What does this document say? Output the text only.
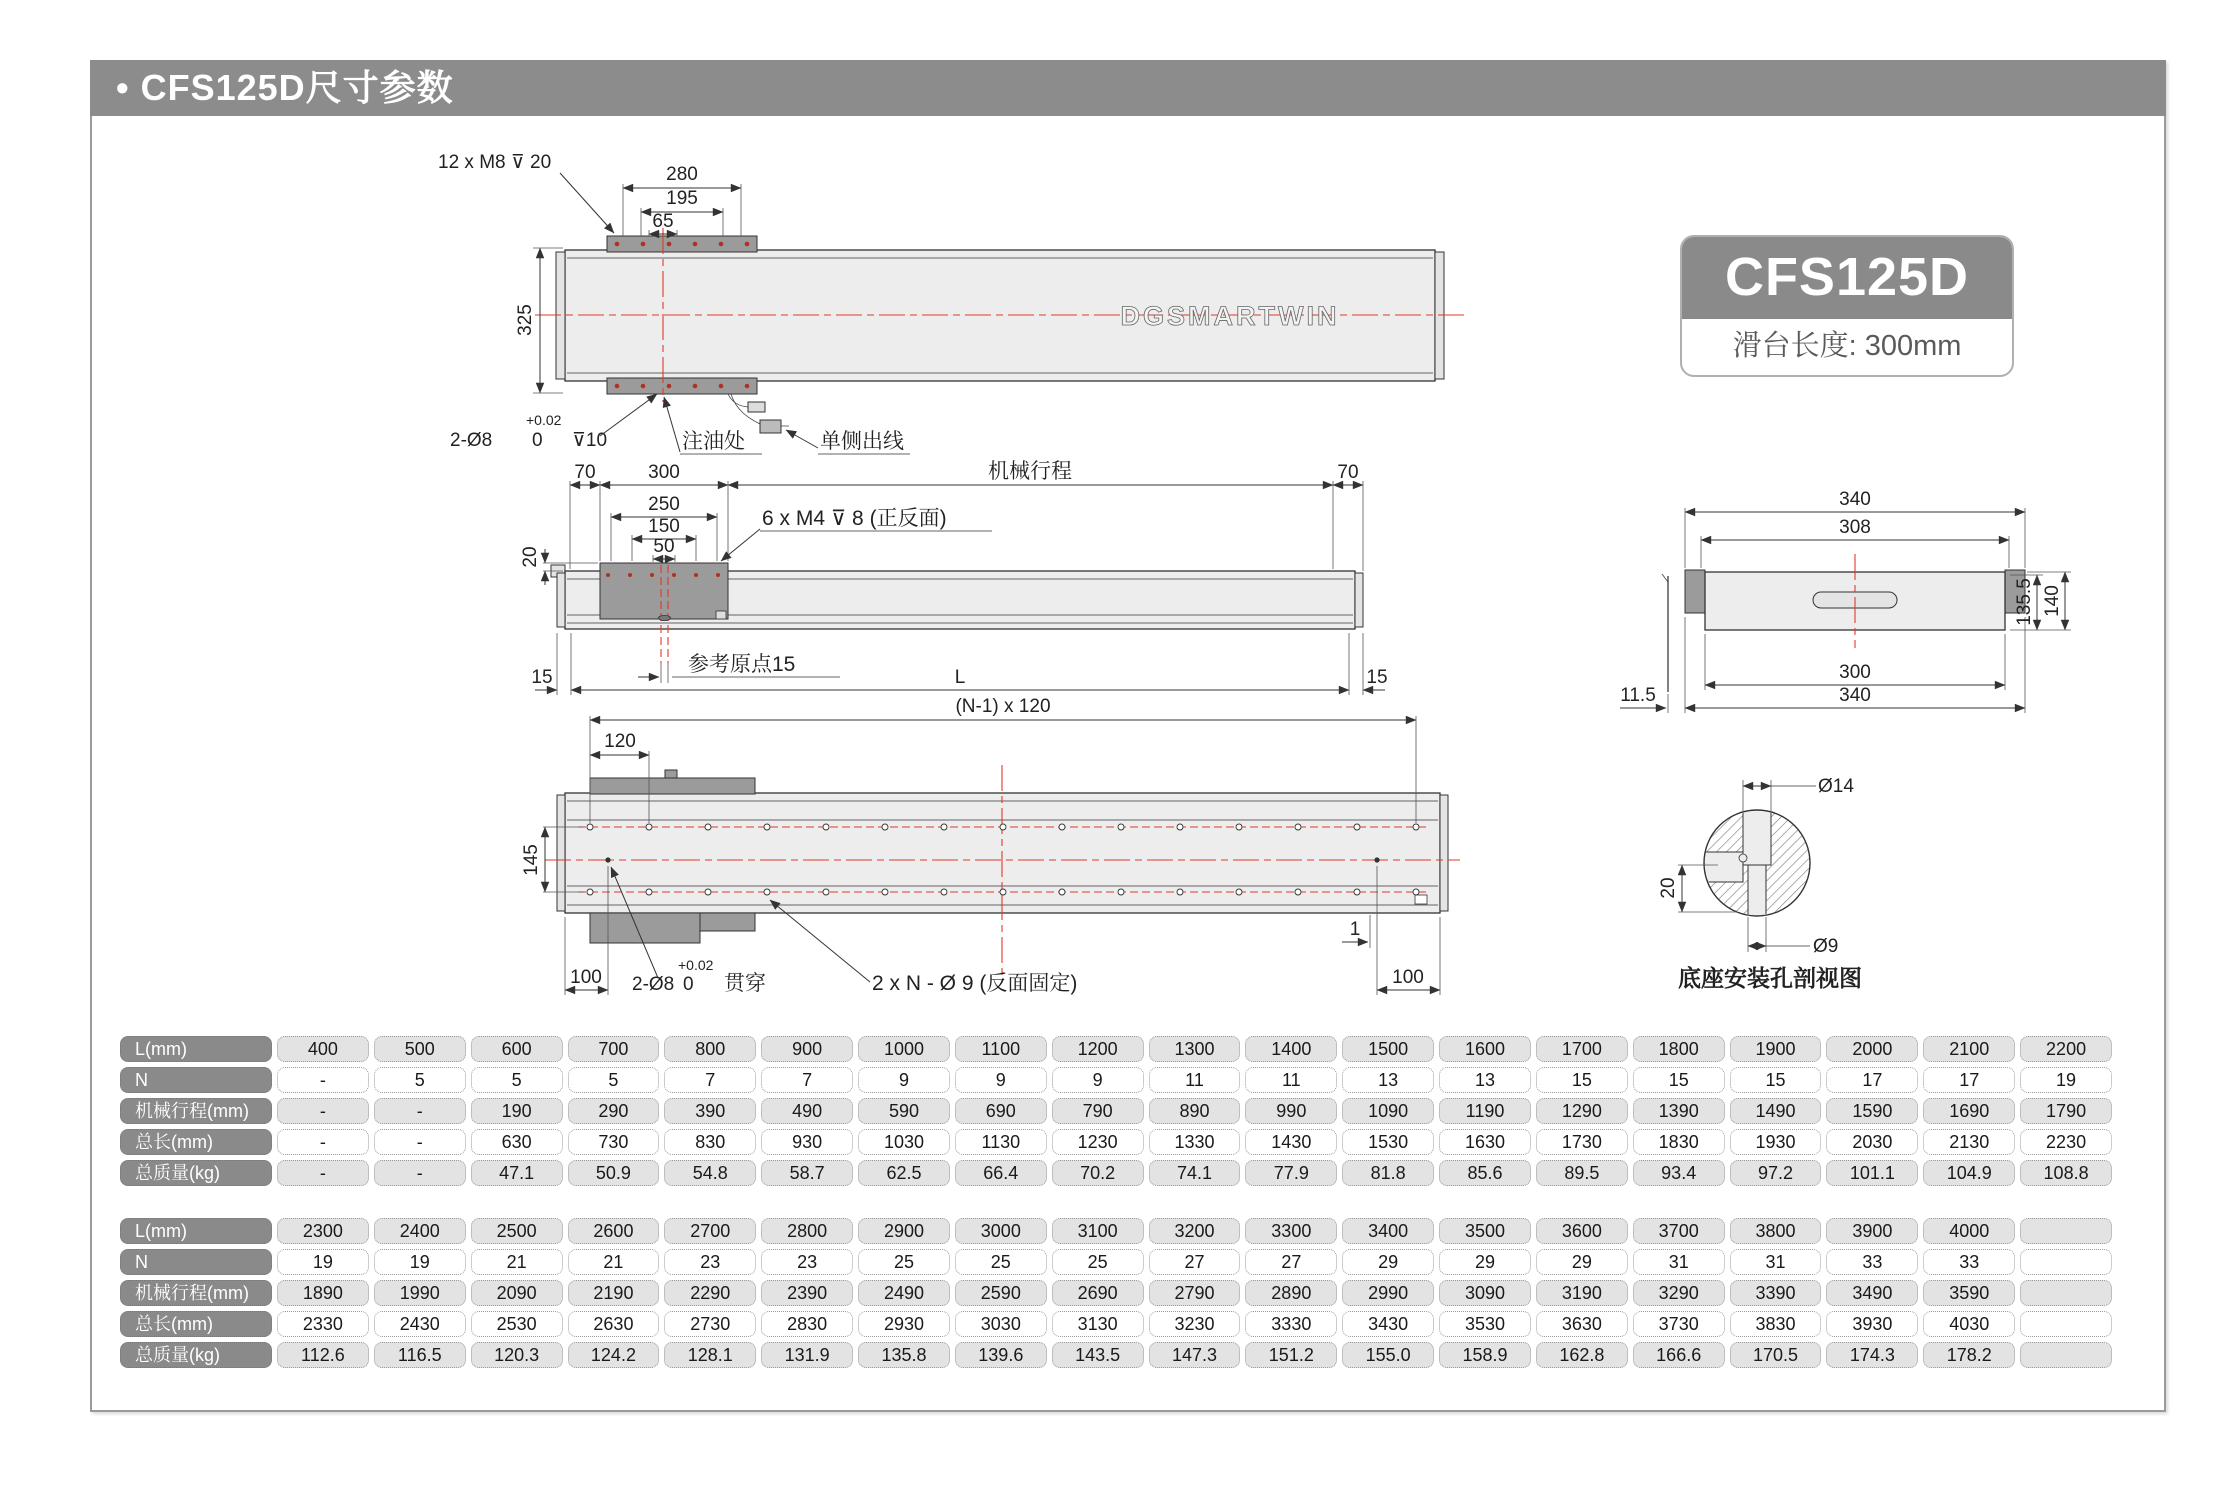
• CFS125D尺寸参数
CFS125D
滑台长度: 300mm
DGSMARTWIN
280
195
65
12 x M8 ⊽ 20
325
+0.02
2-Ø8 0 ⊽10	注油处	单侧出线
70	300	机械行程	70
250
150
50
20
6 x M4 ⊽ 8 (正反面)
参考原点15
15	L	15
(N-1) x 120
120
145
100
1
100
+0.02
2-Ø8 0 贯穿	2 x N - Ø 9 (反面固定)
340
308
300
340
11.5
135.5 140
Ø14
Ø9
20
底座安装孔剖视图
L(mm)	400	500	600	700	800	900	1000	1100	1200	1300	1400	1500	1600	1700	1800	1900	2000	2100	2200
N	-	5	5	5	7	7	9	9	9	11	11	13	13	15	15	15	17	17	19
机械行程(mm)	-	-	190	290	390	490	590	690	790	890	990	1090	1190	1290	1390	1490	1590	1690	1790
总长(mm)	-	-	630	730	830	930	1030	1130	1230	1330	1430	1530	1630	1730	1830	1930	2030	2130	2230
总质量(kg)	-	-	47.1	50.9	54.8	58.7	62.5	66.4	70.2	74.1	77.9	81.8	85.6	89.5	93.4	97.2	101.1	104.9	108.8
L(mm)	2300	2400	2500	2600	2700	2800	2900	3000	3100	3200	3300	3400	3500	3600	3700	3800	3900	4000
N	19	19	21	21	23	23	25	25	25	27	27	29	29	29	31	31	33	33
机械行程(mm)	1890	1990	2090	2190	2290	2390	2490	2590	2690	2790	2890	2990	3090	3190	3290	3390	3490	3590
总长(mm)	2330	2430	2530	2630	2730	2830	2930	3030	3130	3230	3330	3430	3530	3630	3730	3830	3930	4030
总质量(kg)	112.6	116.5	120.3	124.2	128.1	131.9	135.8	139.6	143.5	147.3	151.2	155.0	158.9	162.8	166.6	170.5	174.3	178.2
